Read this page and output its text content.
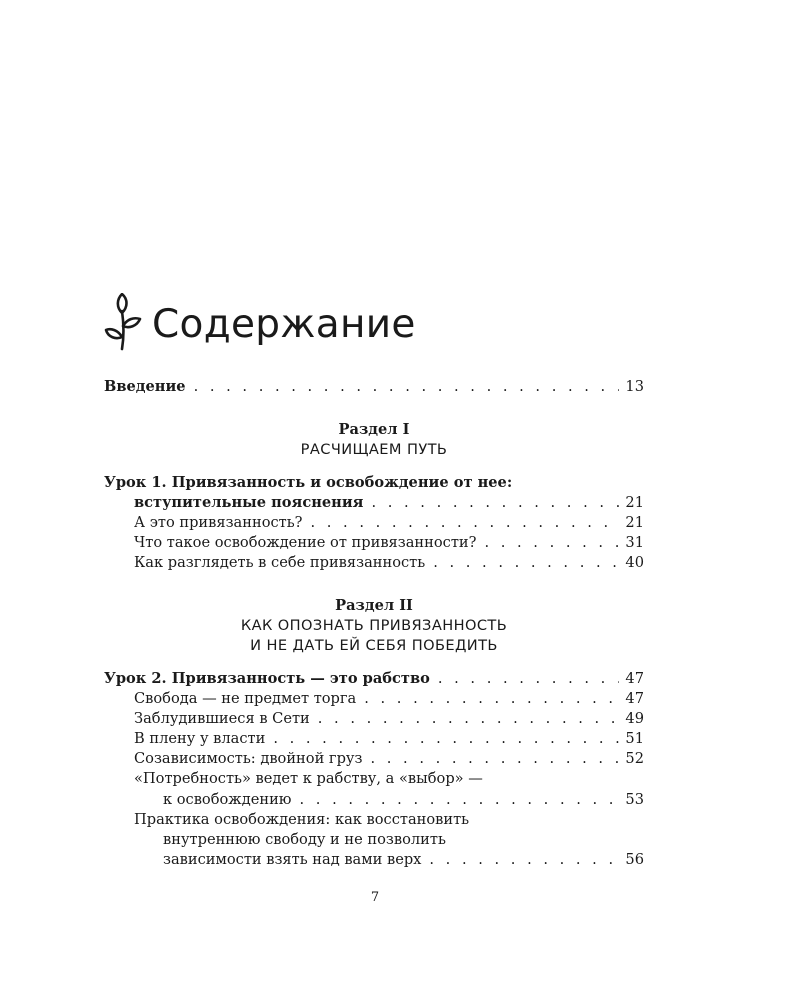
Содержание
Введение . . .	13
Раздел I
РАСЧИЩАЕМ ПУТЬ
Урок 1. Привязанность и освобождение от нее:
вступительные пояснения . . .	21
А это привязанность? . . .	21
Что такое освобождение от привязанности? . . .	31
Как разглядеть в себе привязанность . . .	40
Раздел II
КАК ОПОЗНАТЬ ПРИВЯЗАННОСТЬ
И НЕ ДАТЬ ЕЙ СЕБЯ ПОБЕДИТЬ
Урок 2. Привязанность — это рабство . . .	47
Свобода — не предмет торга . . .	47
Заблудившиеся в Сети . . .	49
В плену у власти . . .	51
Созависимость: двойной груз . . .	52
«Потребность» ведет к рабству, а «выбор» —
к освобождению . . .	53
Практика освобождения: как восстановить
внутреннюю свободу и не позволить
зависимости взять над вами верх . . .	56
7
